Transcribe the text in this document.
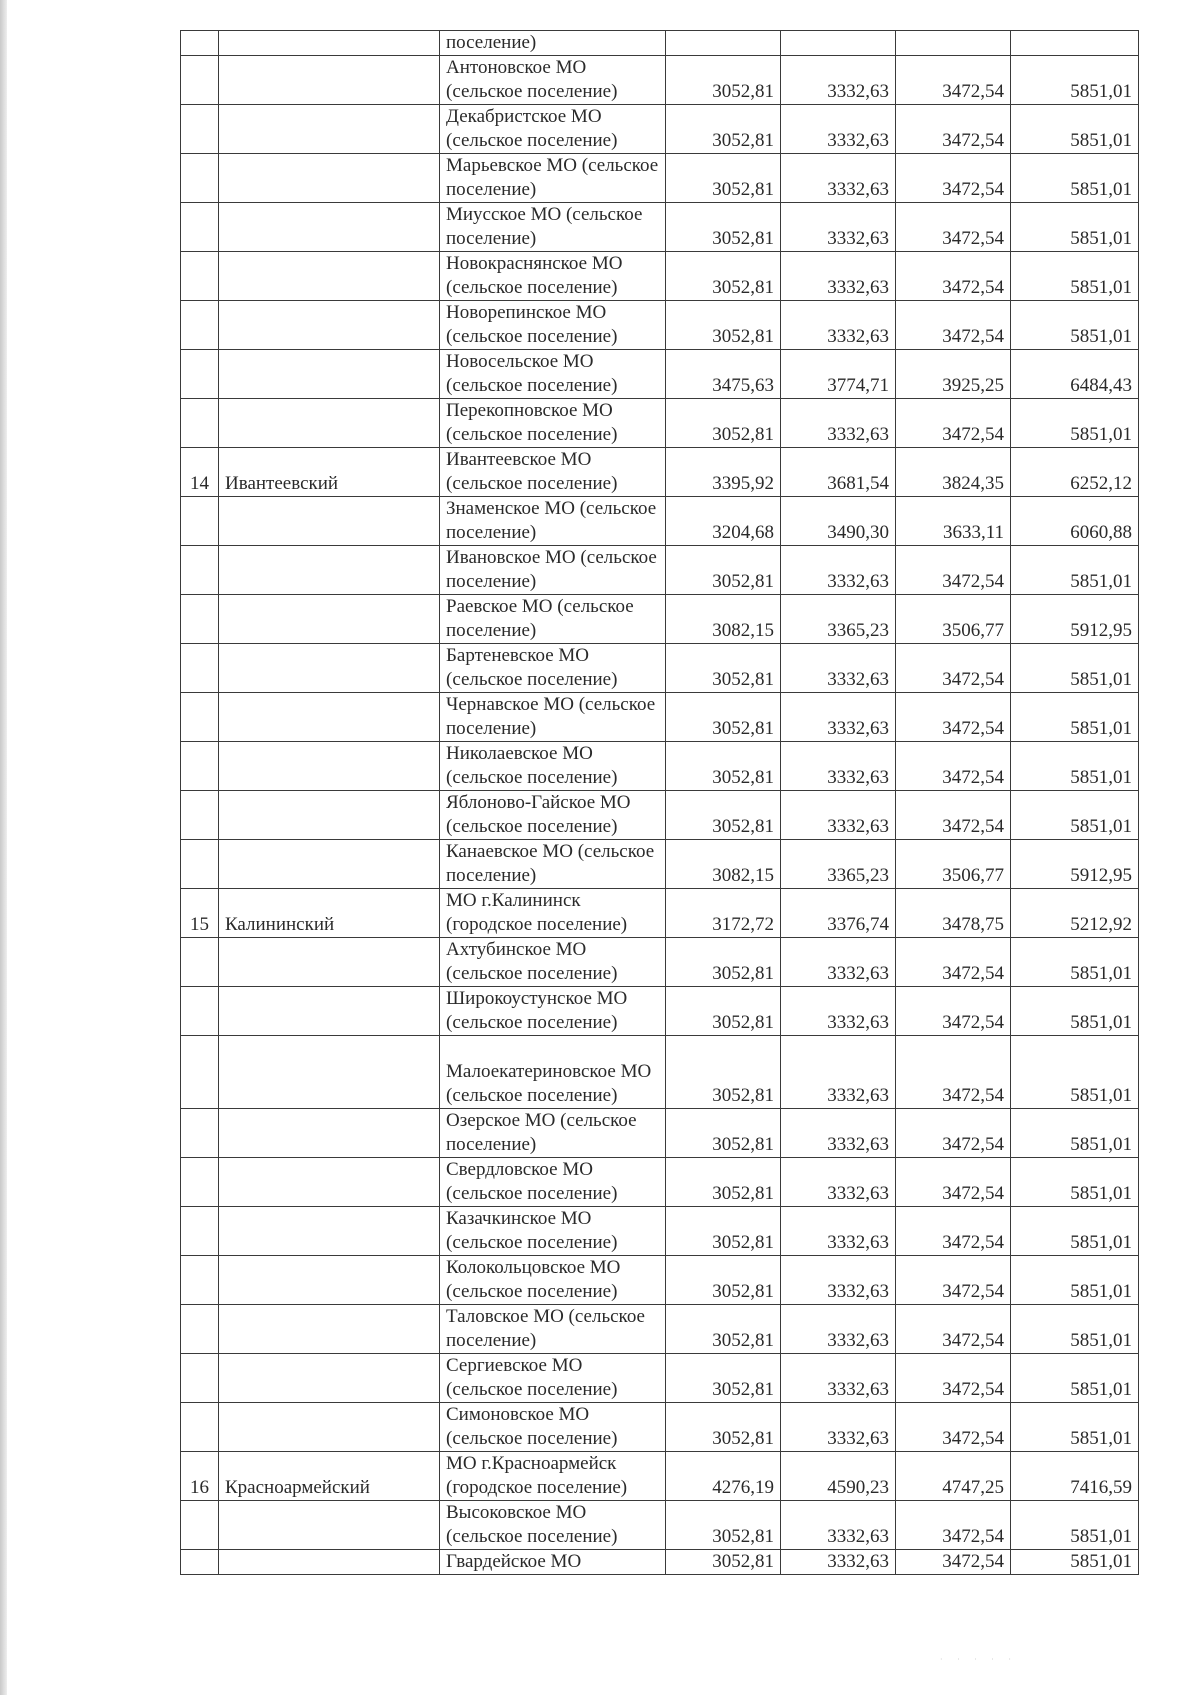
		поселение)				

		Антоновское МО (сельское поселение)	3052,81	3332,63	3472,54	5851,01

		Декабристское МО (сельское поселение)	3052,81	3332,63	3472,54	5851,01

		Марьевское МО (сельское поселение)	3052,81	3332,63	3472,54	5851,01

		Миусское МО (сельское поселение)	3052,81	3332,63	3472,54	5851,01

		Новокраснянское МО (сельское поселение)	3052,81	3332,63	3472,54	5851,01

		Новорепинское МО (сельское поселение)	3052,81	3332,63	3472,54	5851,01

		Новосельское МО (сельское поселение)	3475,63	3774,71	3925,25	6484,43

		Перекопновское МО (сельское поселение)	3052,81	3332,63	3472,54	5851,01
14	Ивантеевский	Ивантеевское МО (сельское поселение)	3395,92	3681,54	3824,35	6252,12

		Знаменское МО (сельское поселение)	3204,68	3490,30	3633,11	6060,88

		Ивановское МО (сельское поселение)	3052,81	3332,63	3472,54	5851,01

		Раевское МО (сельское поселение)	3082,15	3365,23	3506,77	5912,95

		Бартеневское МО (сельское поселение)	3052,81	3332,63	3472,54	5851,01

		Чернавское МО (сельское поселение)	3052,81	3332,63	3472,54	5851,01

		Николаевское МО (сельское поселение)	3052,81	3332,63	3472,54	5851,01

		Яблоново-Гайское МО (сельское поселение)	3052,81	3332,63	3472,54	5851,01

		Канаевское МО (сельское поселение)	3082,15	3365,23	3506,77	5912,95
15	Калининский	МО г.Калининск (городское поселение)	3172,72	3376,74	3478,75	5212,92

		Ахтубинское МО (сельское поселение)	3052,81	3332,63	3472,54	5851,01

		Широкоустунское МО (сельское поселение)	3052,81	3332,63	3472,54	5851,01

		Малоекатериновское МО (сельское поселение)	3052,81	3332,63	3472,54	5851,01

		Озерское МО (сельское поселение)	3052,81	3332,63	3472,54	5851,01

		Свердловское МО (сельское поселение)	3052,81	3332,63	3472,54	5851,01

		Казачкинское МО (сельское поселение)	3052,81	3332,63	3472,54	5851,01

		Колокольцовское МО (сельское поселение)	3052,81	3332,63	3472,54	5851,01

		Таловское МО (сельское поселение)	3052,81	3332,63	3472,54	5851,01

		Сергиевское МО (сельское поселение)	3052,81	3332,63	3472,54	5851,01

		Симоновское МО (сельское поселение)	3052,81	3332,63	3472,54	5851,01
16	Красноармейский	МО г.Красноармейск (городское поселение)	4276,19	4590,23	4747,25	7416,59

		Высоковское МО (сельское поселение)	3052,81	3332,63	3472,54	5851,01

		Гвардейское МО	3052,81	3332,63	3472,54	5851,01
· · · · ·
